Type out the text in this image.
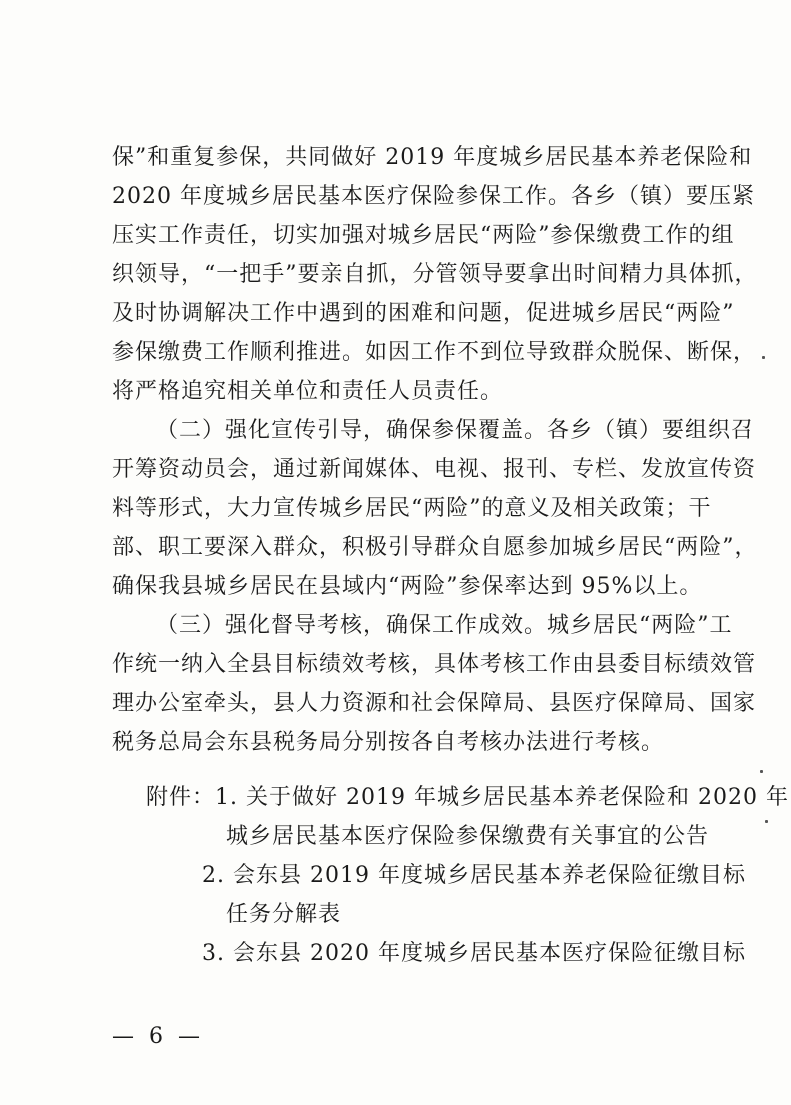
保”和重复参保，共同做好 2019 年度城乡居民基本养老保险和
2020 年度城乡居民基本医疗保险参保工作。各乡（镇）要压紧
压实工作责任，切实加强对城乡居民“两险”参保缴费工作的组
织领导，“一把手”要亲自抓，分管领导要拿出时间精力具体抓，
及时协调解决工作中遇到的困难和问题，促进城乡居民“两险”
参保缴费工作顺利推进。如因工作不到位导致群众脱保、断保，
将严格追究相关单位和责任人员责任。
（二）强化宣传引导，确保参保覆盖。各乡（镇）要组织召
开筹资动员会，通过新闻媒体、电视、报刊、专栏、发放宣传资
料等形式，大力宣传城乡居民“两险”的意义及相关政策；干
部、职工要深入群众，积极引导群众自愿参加城乡居民“两险”，
确保我县城乡居民在县域内“两险”参保率达到 95%以上。
（三）强化督导考核，确保工作成效。城乡居民“两险”工
作统一纳入全县目标绩效考核，具体考核工作由县委目标绩效管
理办公室牵头，县人力资源和社会保障局、县医疗保障局、国家
税务总局会东县税务局分别按各自考核办法进行考核。
附件：1. 关于做好 2019 年城乡居民基本养老保险和 2020 年
城乡居民基本医疗保险参保缴费有关事宜的公告
2. 会东县 2019 年度城乡居民基本养老保险征缴目标
任务分解表
3. 会东县 2020 年度城乡居民基本医疗保险征缴目标
— 6 —
